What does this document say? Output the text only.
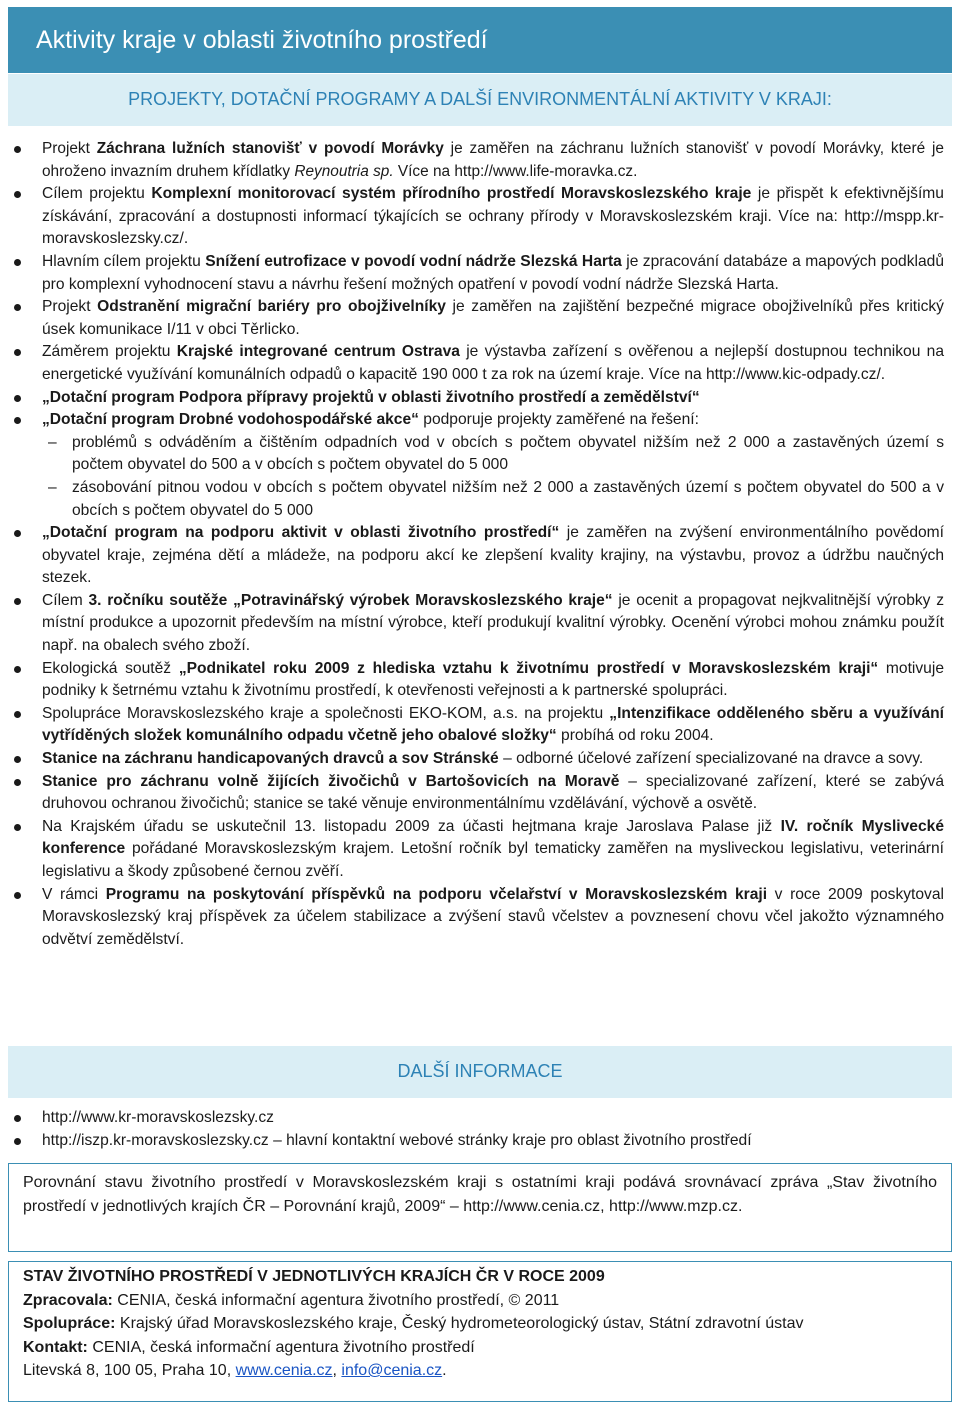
Aktivity kraje v oblasti životního prostředí
PROJEKTY, DOTAČNÍ PROGRAMY A DALŠÍ ENVIRONMENTÁLNÍ AKTIVITY V KRAJI:
Projekt Záchrana lužních stanovišť v povodí Morávky je zaměřen na záchranu lužních stanovišť v povodí Morávky, které je ohroženo invazním druhem křídlatky Reynoutria sp. Více na http://www.life-moravka.cz.
Cílem projektu Komplexní monitorovací systém přírodního prostředí Moravskoslezského kraje je přispět k efektivnějšímu získávání, zpracování a dostupnosti informací týkajících se ochrany přírody v Moravskoslezském kraji. Více na: http://mspp.kr-moravskoslezsky.cz/.
Hlavním cílem projektu Snížení eutrofizace v povodí vodní nádrže Slezská Harta je zpracování databáze a mapových podkladů pro komplexní vyhodnocení stavu a návrhu řešení možných opatření v povodí vodní nádrže Slezská Harta.
Projekt Odstranění migrační bariéry pro obojživelníky je zaměřen na zajištění bezpečné migrace obojživelníků přes kritický úsek komunikace I/11 v obci Těrlicko.
Záměrem projektu Krajské integrované centrum Ostrava je výstavba zařízení s ověřenou a nejlepší dostupnou technikou na energetické využívání komunálních odpadů o kapacitě 190 000 t za rok na území kraje. Více na http://www.kic-odpady.cz/.
„Dotační program Podpora přípravy projektů v oblasti životního prostředí a zemědělství“
„Dotační program Drobné vodohospodářské akce“ podporuje projekty zaměřené na řešení:
– problémů s odváděním a čištěním odpadních vod v obcích s počtem obyvatel nižším než 2 000 a zastavěných území s počtem obyvatel do 500 a v obcích s počtem obyvatel do 5 000
– zásobování pitnou vodou v obcích s počtem obyvatel nižším než 2 000 a zastavěných území s počtem obyvatel do 500 a v obcích s počtem obyvatel do 5 000
„Dotační program na podporu aktivit v oblasti životního prostředí“ je zaměřen na zvýšení environmentálního povědomí obyvatel kraje, zejména dětí a mládeže, na podporu akcí ke zlepšení kvality krajiny, na výstavbu, provoz a údržbu naučných stezek.
Cílem 3. ročníku soutěže „Potravinářský výrobek Moravskoslezského kraje“ je ocenit a propagovat nejkvalitnější výrobky z místní produkce a upozornit především na místní výrobce, kteří produkují kvalitní výrobky. Ocenění výrobci mohou známku použít např. na obalech svého zboží.
Ekologická soutěž „Podnikatel roku 2009 z hlediska vztahu k životnímu prostředí v Moravskoslezském kraji“ motivuje podniky k šetrnému vztahu k životnímu prostředí, k otevřenosti veřejnosti a k partnerské spolupráci.
Spolupráce Moravskoslezského kraje a společnosti EKO-KOM, a.s. na projektu „Intenzifikace odděleného sběru a využívání vytříděných složek komunálního odpadu včetně jeho obalové složky“ probíhá od roku 2004.
Stanice na záchranu handicapovaných dravců a sov Stránské – odborné účelové zařízení specializované na dravce a sovy.
Stanice pro záchranu volně žijících živočichů v Bartošovicích na Moravě – specializované zařízení, které se zabývá druhovou ochranou živočichů; stanice se také věnuje environmentálnímu vzdělávání, výchově a osvětě.
Na Krajském úřadu se uskutečnil 13. listopadu 2009 za účasti hejtmana kraje Jaroslava Palase již IV. ročník Myslivecké konference pořádané Moravskoslezským krajem. Letošní ročník byl tematicky zaměřen na mysliveckou legislativu, veterinární legislativu a škody způsobené černou zvěří.
V rámci Programu na poskytování příspěvků na podporu včelařství v Moravskoslezském kraji v roce 2009 poskytoval Moravskoslezský kraj příspěvek za účelem stabilizace a zvýšení stavů včelstev a povznesení chovu včel jakožto významného odvětví zemědělství.
DALŠÍ INFORMACE
http://www.kr-moravskoslezsky.cz
http://iszp.kr-moravskoslezsky.cz – hlavní kontaktní webové stránky kraje pro oblast životního prostředí
Porovnání stavu životního prostředí v Moravskoslezském kraji s ostatními kraji podává srovnávací zpráva „Stav životního prostředí v jednotlivých krajích ČR – Porovnání krajů, 2009“ – http://www.cenia.cz, http://www.mzp.cz.
STAV ŽIVOTNÍHO PROSTŘEDÍ V JEDNOTLIVÝCH KRAJÍCH ČR V ROCE 2009
Zpracovala: CENIA, česká informační agentura životního prostředí, © 2011
Spolupráce: Krajský úřad Moravskoslezského kraje, Český hydrometeorologický ústav, Státní zdravotní ústav
Kontakt: CENIA, česká informační agentura životního prostředí
Litevská 8, 100 05, Praha 10, www.cenia.cz, info@cenia.cz.
